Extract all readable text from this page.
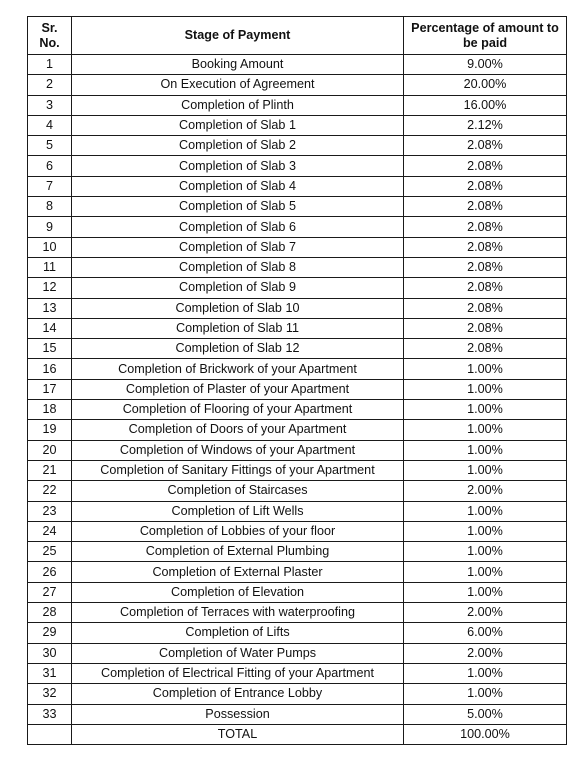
Sr. No.	Stage of Payment	Percentage of amount to be paid
1	Booking Amount	9.00%
2	On Execution of Agreement	20.00%
3	Completion of Plinth	16.00%
4	Completion of Slab 1	2.12%
5	Completion of Slab 2	2.08%
6	Completion of Slab 3	2.08%
7	Completion of Slab 4	2.08%
8	Completion of Slab 5	2.08%
9	Completion of Slab 6	2.08%
10	Completion of Slab 7	2.08%
11	Completion of Slab 8	2.08%
12	Completion of Slab 9	2.08%
13	Completion of Slab 10	2.08%
14	Completion of Slab 11	2.08%
15	Completion of Slab 12	2.08%
16	Completion of Brickwork of your Apartment	1.00%
17	Completion of Plaster of your Apartment	1.00%
18	Completion of Flooring of your Apartment	1.00%
19	Completion of Doors of your Apartment	1.00%
20	Completion of Windows of your Apartment	1.00%
21	Completion of Sanitary Fittings of your Apartment	1.00%
22	Completion of Staircases	2.00%
23	Completion of Lift Wells	1.00%
24	Completion of Lobbies of your floor	1.00%
25	Completion of External Plumbing	1.00%
26	Completion of External Plaster	1.00%
27	Completion of Elevation	1.00%
28	Completion of Terraces with waterproofing	2.00%
29	Completion of Lifts	6.00%
30	Completion of Water Pumps	2.00%
31	Completion of Electrical Fitting of your Apartment	1.00%
32	Completion of Entrance Lobby	1.00%
33	Possession	5.00%
	TOTAL	100.00%
